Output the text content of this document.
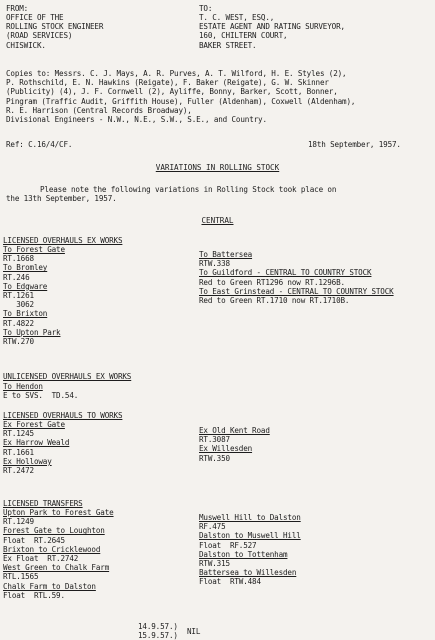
FROM:
OFFICE OF THE
ROLLING STOCK ENGINEER
(ROAD SERVICES)
CHISWICK.
TO:
T. C. WEST, ESQ.,
ESTATE AGENT AND RATING SURVEYOR,
160, CHILTERN COURT,
BAKER STREET.
Copies to: Messrs. C. J. Mays, A. R. Purves, A. T. Wilford, H. E. Styles (2),
P. Rothschild, E. N. Hawkins (Reigate), F. Baker (Reigate), G. W. Skinner
(Publicity) (4), J. F. Cornwell (2), Ayliffe, Bonny, Barker, Scott, Bonner,
Pingram (Traffic Audit, Griffith House), Fuller (Aldenham), Coxwell (Aldenham),
R. E. Harrison (Central Records Broadway),
Divisional Engineers - N.W., N.E., S.W., S.E., and Country.
Ref: C.16/4/CF.	18th September, 1957.
VARIATIONS IN ROLLING STOCK
Please note the following variations in Rolling Stock took place on
the 13th September, 1957.
CENTRAL
LICENSED OVERHAULS EX WORKS
To Forest Gate
RT.1668
To Bromley
RT.246
To Edgware
RT.1261
3062
To Brixton
RT.4822
To Upton Park
RTW.270
To Battersea
RTW.338
To Guildford - CENTRAL TO COUNTRY STOCK
Red to Green RT1296 now RT.1296B.
To East Grinstead - CENTRAL TO COUNTRY STOCK
Red to Green RT.1710 now RT.1710B.
UNLICENSED OVERHAULS EX WORKS
To Hendon
E to SVS.  TD.54.
LICENSED OVERHAULS TO WORKS
Ex Forest Gate
RT.1245
Ex Harrow Weald
RT.1661
Ex Holloway
RT.2472
Ex Old Kent Road
RT.3087
Ex Willesden
RTW.350
LICENSED TRANSFERS
Upton Park to Forest Gate
RT.1249
Forest Gate to Loughton
Float  RT.2645
Brixton to Cricklewood
Ex Float  RT.2742
West Green to Chalk Farm
RTL.1565
Chalk Farm to Dalston
Float  RTL.59.
Muswell Hill to Dalston
RF.475
Dalston to Muswell Hill
Float  RF.527
Dalston to Tottenham
RTW.315
Battersea to Willesden
Float  RTW.484
14.9.57.)
15.9.57.) NIL
